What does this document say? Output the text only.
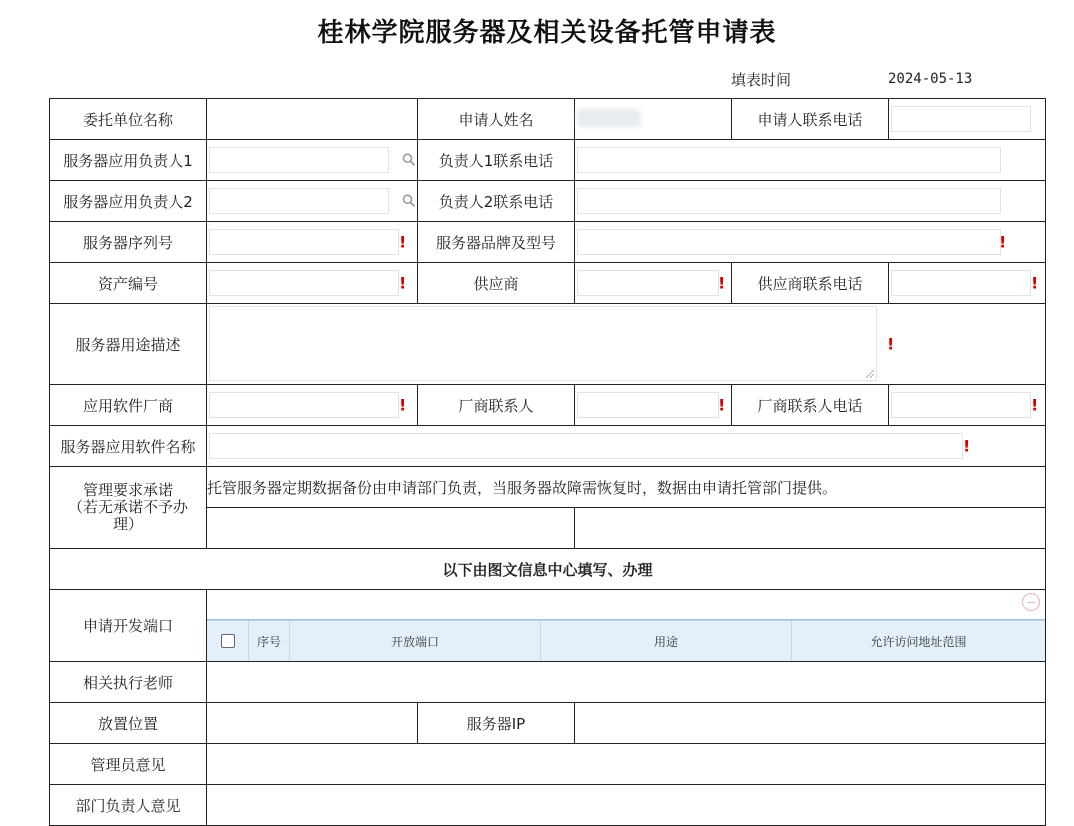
桂林学院服务器及相关设备托管申请表
填表时间	2024-05-13
委托单位名称		申请人姓名		申请人联系电话	

服务器应用负责人1		负责人1联系电话			

服务器应用负责人2		负责人2联系电话			

服务器序列号	!	服务器品牌及型号	!		

资产编号	!	供应商	!	供应商联系电话	!

服务器用途描述	!				

应用软件厂商	!	厂商联系人	!	厂商联系人电话	!

服务器应用软件名称	!				

管理要求承诺
（若无承诺不予办理）	托管服务器定期数据备份由申请部门负责，当服务器故障需恢复时，数据由申请托管部门提供。				

以下由图文信息中心填写、办理					
申请开发端口	序号 开放端口 用途 允许访问地址范围				

相关执行老师					
放置位置		服务器IP			
管理员意见					
部门负责人意见					
